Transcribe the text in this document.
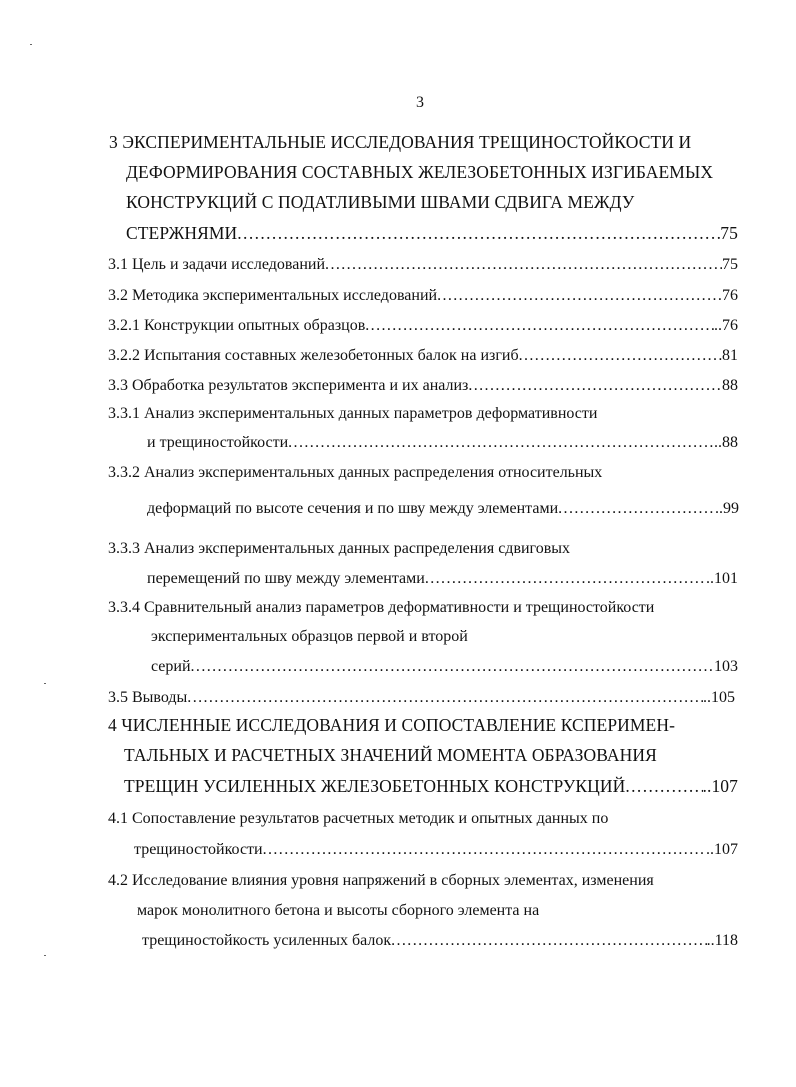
3
3 ЭКСПЕРИМЕНТАЛЬНЫЕ ИССЛЕДОВАНИЯ ТРЕЩИНОСТОЙКОСТИ И
ДЕФОРМИРОВАНИЯ СОСТАВНЫХ ЖЕЛЕЗОБЕТОННЫХ ИЗГИБАЕМЫХ
КОНСТРУКЦИЙ С ПОДАТЛИВЫМИ ШВАМИ СДВИГА МЕЖДУ
СТЕРЖНЯМИ .....	75
3.1 Цель и задачи исследований .....	75
3.2 Методика экспериментальных исследований .....	76
3.2.1 Конструкции опытных образцов .....	..76
3.2.2 Испытания составных железобетонных балок на изгиб .....	81
3.3 Обработка результатов эксперимента и их анализ .....	88
3.3.1 Анализ экспериментальных данных параметров деформативности
и трещиностойкости .....	..88
3.3.2 Анализ экспериментальных данных распределения относительных
деформаций по высоте сечения и по шву между элементами .....	..99
3.3.3 Анализ экспериментальных данных распределения сдвиговых
перемещений по шву между элементами .....	..101
3.3.4 Сравнительный анализ параметров деформативности и трещиностойкости
экспериментальных образцов первой и второй
серий .....	103
3.5 Выводы .....	..105
4 ЧИСЛЕННЫЕ ИССЛЕДОВАНИЯ И СОПОСТАВЛЕНИЕ КСПЕРИМЕН-
ТАЛЬНЫХ И РАСЧЕТНЫХ ЗНАЧЕНИЙ МОМЕНТА ОБРАЗОВАНИЯ
ТРЕЩИН УСИЛЕННЫХ ЖЕЛЕЗОБЕТОННЫХ КОНСТРУКЦИЙ .....	..107
4.1 Сопоставление результатов расчетных методик и опытных данных по
трещиностойкости .....	..107
4.2 Исследование влияния уровня напряжений в сборных элементах, изменения
марок монолитного бетона и высоты сборного элемента на
трещиностойкость усиленных балок .....	..118
